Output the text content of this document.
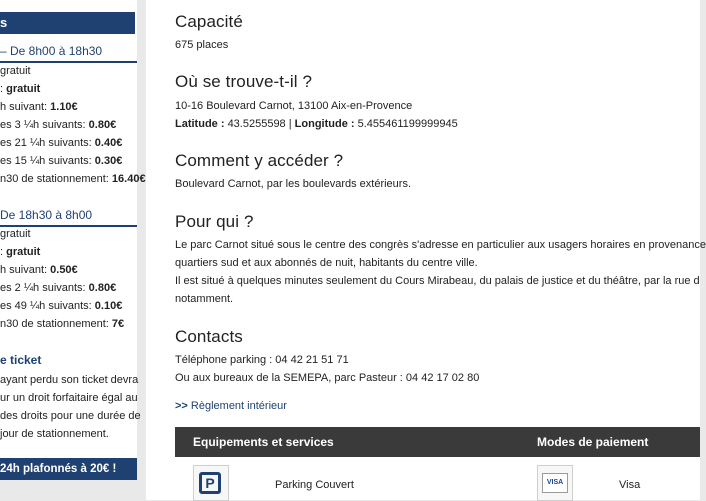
s
– De 8h00 à 18h30
gratuit
: gratuit
h suivant: 1.10€
es 3 ¼h suivants: 0.80€
es 21 ¼h suivants: 0.40€
es 15 ¼h suivants: 0.30€
n30 de stationnement: 16.40€
De 18h30 à 8h00
gratuit
: gratuit
h suivant: 0.50€
es 2 ¼h suivants: 0.80€
es 49 ¼h suivants: 0.10€
n30 de stationnement: 7€
e ticket
ayant perdu son ticket devra
ur un droit forfaitaire égal au
des droits pour une durée de
jour de stationnement.
24h plafonnés à 20€ !
Capacité
675 places
Où se trouve-t-il ?
10-16 Boulevard Carnot, 13100 Aix-en-Provence
Latitude : 43.5255598 | Longitude : 5.455461199999945
Comment y accéder ?
Boulevard Carnot, par les boulevards extérieurs.
Pour qui ?
Le parc Carnot situé sous le centre des congrès s'adresse en particulier aux usagers horaires en provenance
quartiers sud et aux abonnés de nuit, habitants du centre ville.
Il est situé à quelques minutes seulement du Cours Mirabeau, du palais de justice et du théâtre, par la rue d
notamment.
Contacts
Téléphone parking : 04 42 21 51 71
Ou aux bureaux de la SEMEPA, parc Pasteur : 04 42 17 02 80
>> Règlement intérieur
Equipements et services	Modes de paiement
P	Parking Couvert	VISA	Visa
